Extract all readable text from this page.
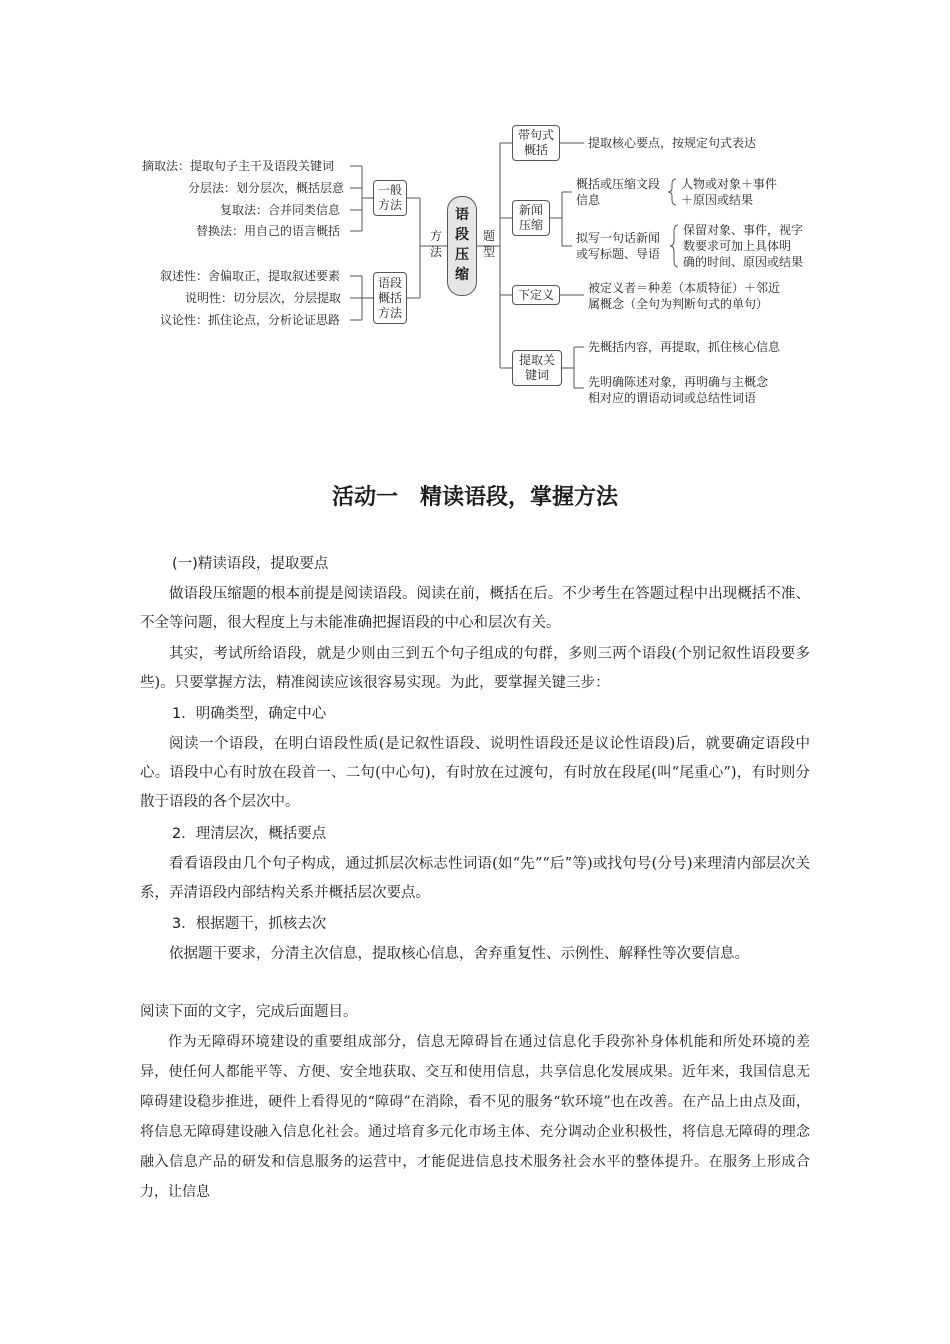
摘取法：提取句子主干及语段关键词
分层法：划分层次，概括层意
复取法：合并同类信息
替换法：用自己的语言概括
叙述性：舍偏取正，提取叙述要素
说明性：切分层次，分层提取
议论性：抓住论点，分析论证思路
一般
方法
语段
概括
方法
方法
题型
语段压缩
带句式
概括	提取核心要点，按规定句式表达
新闻
压缩
概括或压缩文段
信息
人物或对象＋事件
＋原因或结果
拟写一句话新闻
或写标题、导语
保留对象、事件，视字
数要求可加上具体明
确的时间、原因或结果
下定义	被定义者＝种差（本质特征）＋邻近
属概念（全句为判断句式的单句）
提取关
键词
先概括内容，再提取，抓住核心信息
先明确陈述对象，再明确与主概念
相对应的谓语动词或总结性词语
活动一　精读语段，掌握方法
(一)精读语段，提取要点
做语段压缩题的根本前提是阅读语段。阅读在前，概括在后。不少考生在答题过程中出现概括不准、不全等问题，很大程度上与未能准确把握语段的中心和层次有关。
其实，考试所给语段，就是少则由三到五个句子组成的句群，多则三两个语段(个别记叙性语段要多些)。只要掌握方法，精准阅读应该很容易实现。为此，要掌握关键三步：
1．明确类型，确定中心
阅读一个语段，在明白语段性质(是记叙性语段、说明性语段还是议论性语段)后，就要确定语段中心。语段中心有时放在段首一、二句(中心句)，有时放在过渡句，有时放在段尾(叫“尾重心”)，有时则分散于语段的各个层次中。
2．理清层次，概括要点
看看语段由几个句子构成，通过抓层次标志性词语(如“先”“后”等)或找句号(分号)来理清内部层次关系，弄清语段内部结构关系并概括层次要点。
3．根据题干，抓核去次
依据题干要求，分清主次信息，提取核心信息，舍弃重复性、示例性、解释性等次要信息。
阅读下面的文字，完成后面题目。
作为无障碍环境建设的重要组成部分，信息无障碍旨在通过信息化手段弥补身体机能和所处环境的差异，使任何人都能平等、方便、安全地获取、交互和使用信息，共享信息化发展成果。近年来，我国信息无障碍建设稳步推进，硬件上看得见的“障碍”在消除，看不见的服务“软环境”也在改善。在产品上由点及面，将信息无障碍建设融入信息化社会。通过培育多元化市场主体、充分调动企业积极性，将信息无障碍的理念融入信息产品的研发和信息服务的运营中，才能促进信息技术服务社会水平的整体提升。在服务上形成合力，让信息
